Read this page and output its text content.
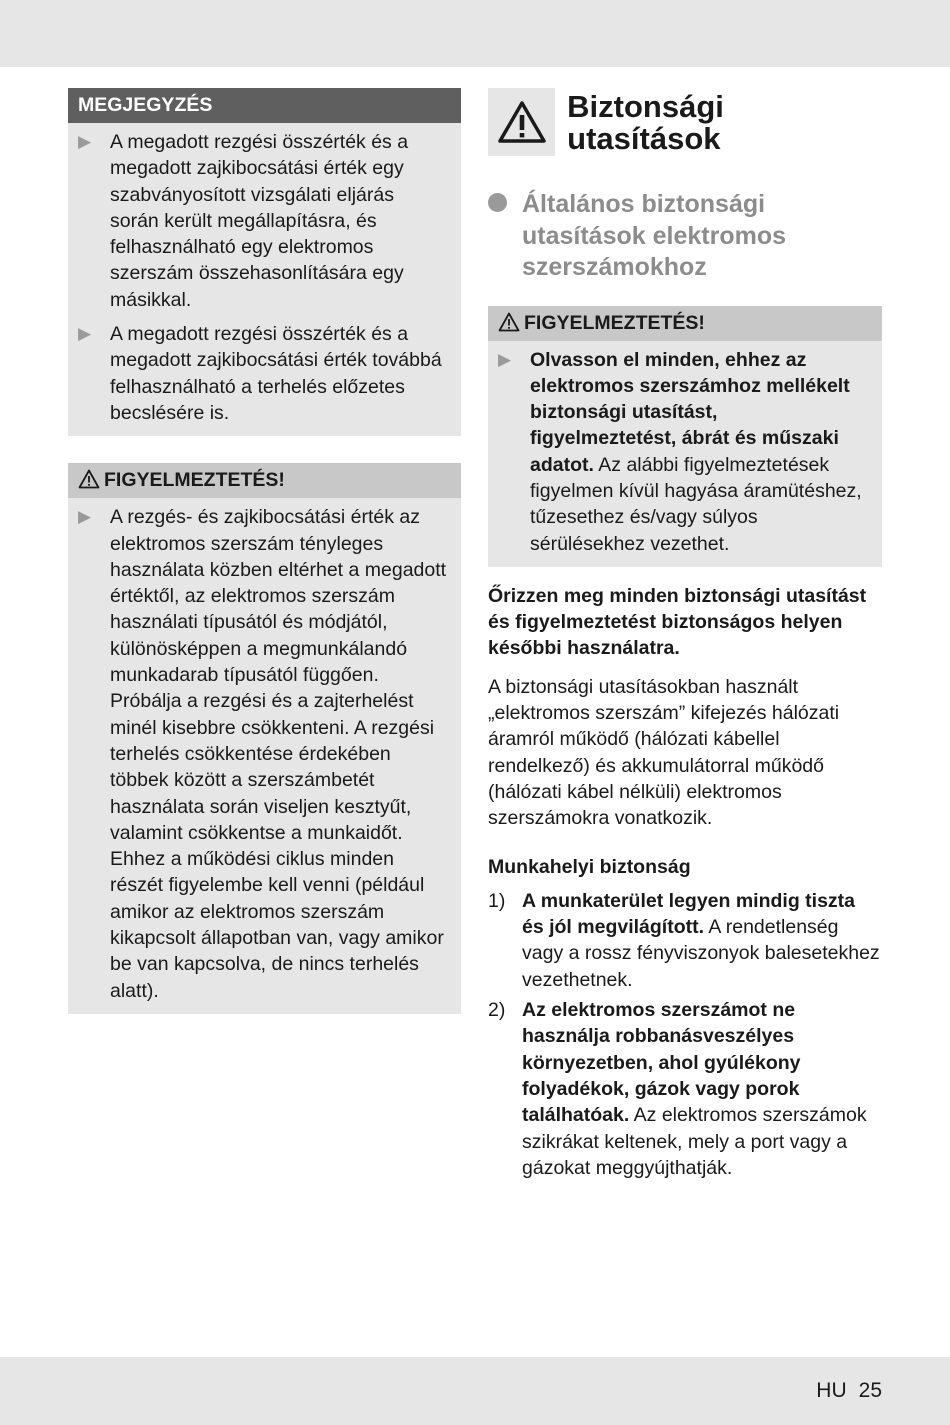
MEGJEGYZÉS
▶ A megadott rezgési összérték és a megadott zajkibocsátási érték egy szabványosított vizsgálati eljárás során került megállapításra, és felhasználható egy elektromos szerszám összehasonlítására egy másikkal.
▶ A megadott rezgési összérték és a megadott zajkibocsátási érték továbbá felhasználható a terhelés előzetes becslésére is.
FIGYELMEZTETÉS!
▶ A rezgés- és zajkibocsátási érték az elektromos szerszám tényleges használata közben eltérhet a megadott értéktől, az elektromos szerszám használati típusától és módjától, különösképpen a megmunkálandó munkadarab típusától függően. Próbálja a rezgési és a zajterhelést minél kisebbre csökkenteni. A rezgési terhelés csökkentése érdekében többek között a szerszámbetét használata során viseljen kesztyűt, valamint csökkentse a munkaidőt. Ehhez a működési ciklus minden részét figyelembe kell venni (például amikor az elektromos szerszám kikapcsolt állapotban van, vagy amikor be van kapcsolva, de nincs terhelés alatt).
Biztonsági utasítások
Általános biztonsági utasítások elektromos szerszámokhoz
FIGYELMEZTETÉS!
▶ Olvasson el minden, ehhez az elektromos szerszámhoz mellékelt biztonsági utasítást, figyelmeztetést, ábrát és műszaki adatot. Az alábbi figyelmeztetések figyelmen kívül hagyása áramütéshez, tűzesethez és/vagy súlyos sérülésekhez vezethet.

Őrizzen meg minden biztonsági utasítást és figyelmeztetést biztonságos helyen későbbi használatra.

A biztonsági utasításokban használt „elektromos szerszám” kifejezés hálózati áramról működő (hálózati kábellel rendelkező) és akkumulátorral működő (hálózati kábel nélküli) elektromos szerszámokra vonatkozik.

Munkahelyi biztonság

1) A munkaterület legyen mindig tiszta és jól megvilágított. A rendetlenség vagy a rossz fényviszonyok balesetekhez vezethetnek.
2) Az elektromos szerszámot ne használja robbanásveszélyes környezetben, ahol gyúlékony folyadékok, gázok vagy porok találhatóak. Az elektromos szerszámok szikrákat keltenek, mely a port vagy a gázokat meggyújthatják.
HU 25
